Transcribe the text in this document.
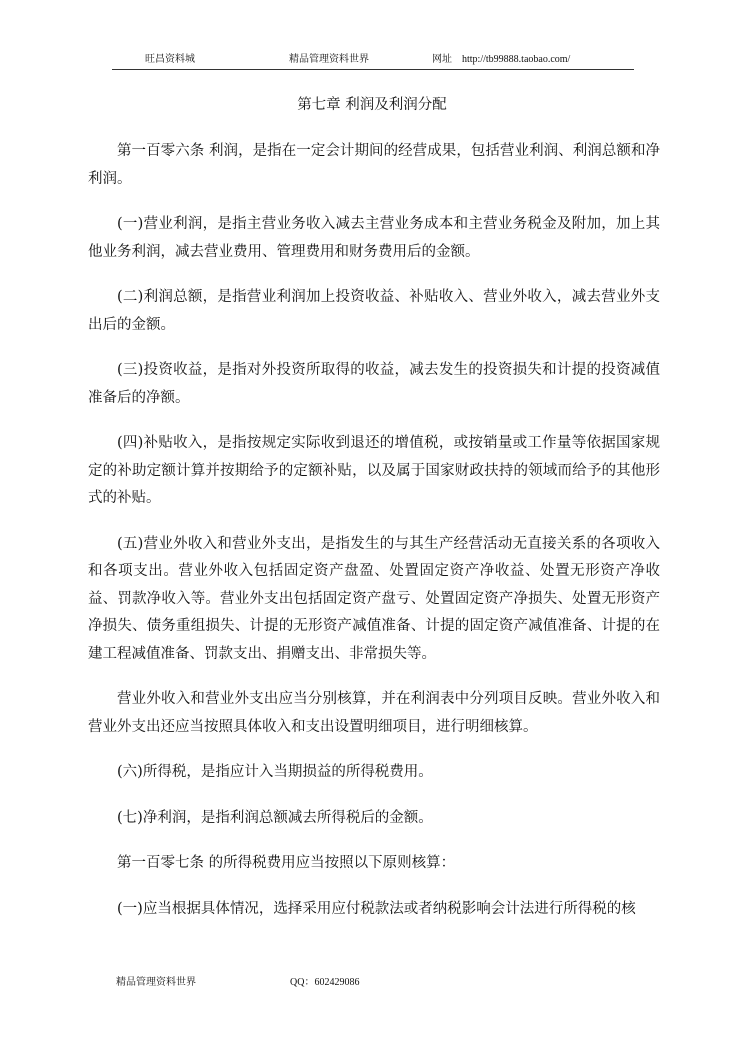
旺昌资料城	精品管理资料世界	网址 http://tb99888.taobao.com/
第七章 利润及利润分配

第一百零六条 利润，是指在一定会计期间的经营成果，包括营业利润、利润总额和净利润。

(一)营业利润，是指主营业务收入减去主营业务成本和主营业务税金及附加，加上其他业务利润，减去营业费用、管理费用和财务费用后的金额。

(二)利润总额，是指营业利润加上投资收益、补贴收入、营业外收入，减去营业外支出后的金额。

(三)投资收益，是指对外投资所取得的收益，减去发生的投资损失和计提的投资减值准备后的净额。

(四)补贴收入，是指按规定实际收到退还的增值税，或按销量或工作量等依据国家规定的补助定额计算并按期给予的定额补贴，以及属于国家财政扶持的领域而给予的其他形式的补贴。

(五)营业外收入和营业外支出，是指发生的与其生产经营活动无直接关系的各项收入和各项支出。营业外收入包括固定资产盘盈、处置固定资产净收益、处置无形资产净收益、罚款净收入等。营业外支出包括固定资产盘亏、处置固定资产净损失、处置无形资产净损失、债务重组损失、计提的无形资产减值准备、计提的固定资产减值准备、计提的在建工程减值准备、罚款支出、捐赠支出、非常损失等。

营业外收入和营业外支出应当分别核算，并在利润表中分列项目反映。营业外收入和营业外支出还应当按照具体收入和支出设置明细项目，进行明细核算。

(六)所得税，是指应计入当期损益的所得税费用。

(七)净利润，是指利润总额减去所得税后的金额。

第一百零七条 的所得税费用应当按照以下原则核算：

(一)应当根据具体情况，选择采用应付税款法或者纳税影响会计法进行所得税的核

精品管理资料世界	QQ：602429086
